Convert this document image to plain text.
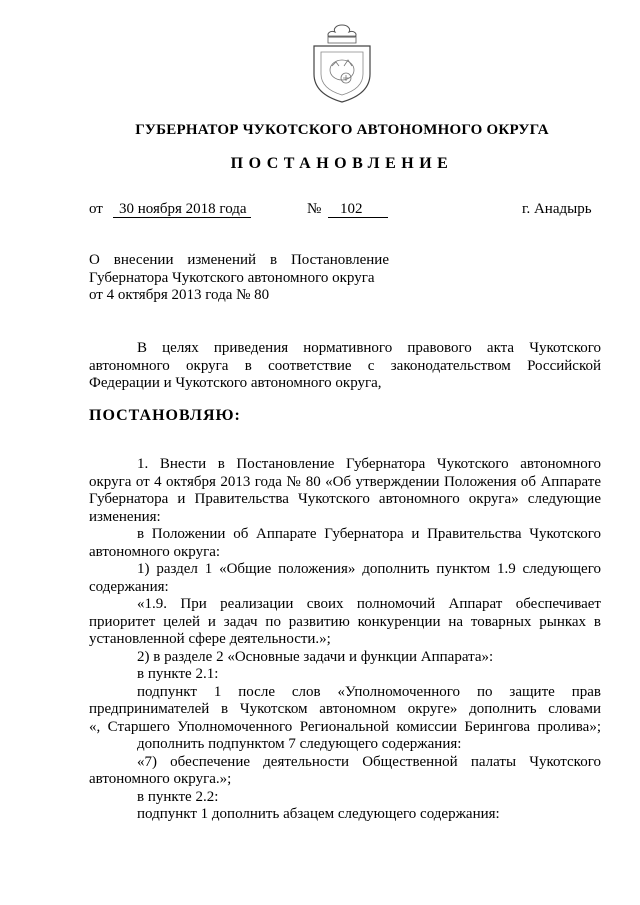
ГУБЕРНАТОР ЧУКОТСКОГО АВТОНОМНОГО ОКРУГА
ПОСТАНОВЛЕНИЕ
от	30 ноября 2018 года	№	102	г. Анадырь
О внесении изменений в Постановление
Губернатора Чукотского автономного округа
от 4 октября 2013 года № 80
В целях приведения нормативного правового акта Чукотского
автономного округа в соответствие с законодательством Российской
Федерации и Чукотского автономного округа,
ПОСТАНОВЛЯЮ:
1. Внести в Постановление Губернатора Чукотского автономного
округа от 4 октября 2013 года № 80 «Об утверждении Положения об Аппарате
Губернатора и Правительства Чукотского автономного округа» следующие
изменения:
в Положении об Аппарате Губернатора и Правительства Чукотского
автономного округа:
1) раздел 1 «Общие положения» дополнить пунктом 1.9 следующего
содержания:
«1.9. При реализации своих полномочий Аппарат обеспечивает
приоритет целей и задач по развитию конкуренции на товарных рынках в
установленной сфере деятельности.»;
2) в разделе 2 «Основные задачи и функции Аппарата»:
в пункте 2.1:
подпункт 1 после слов «Уполномоченного по защите прав
предпринимателей в Чукотском автономном округе» дополнить словами
«, Старшего Уполномоченного Региональной комиссии Берингова пролива»;
дополнить подпунктом 7 следующего содержания:
«7) обеспечение деятельности Общественной палаты Чукотского
автономного округа.»;
в пункте 2.2:
подпункт 1 дополнить абзацем следующего содержания:
